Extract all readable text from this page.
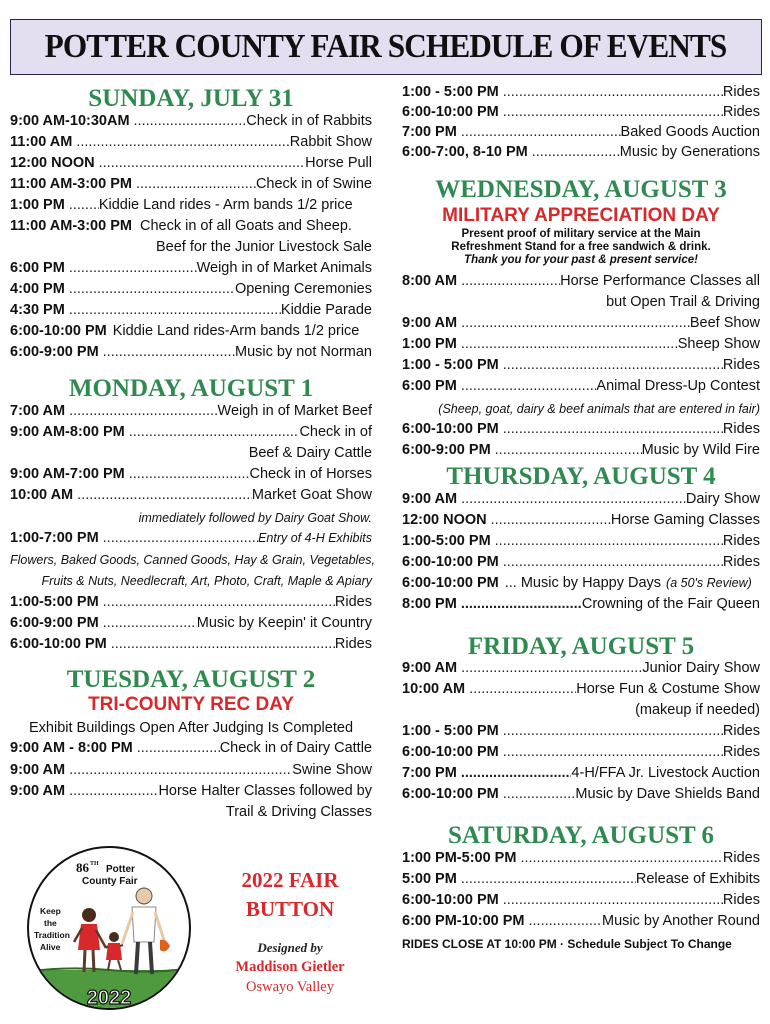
POTTER COUNTY FAIR SCHEDULE OF EVENTS
SUNDAY, JULY 31
9:00 AM-10:30AM .....	Check in of Rabbits
11:00 AM .....	Rabbit Show
12:00 NOON .....	Horse Pull
11:00 AM-3:00 PM .....	Check in of Swine
1:00 PM ..... Kiddie Land rides - Arm bands 1/2 price
11:00 AM-3:00 PM Check in of all Goats and Sheep.
Beef for the Junior Livestock Sale
6:00 PM .....	Weigh in of Market Animals
4:00 PM .....	Opening Ceremonies
4:30 PM .....	Kiddie Parade
6:00-10:00 PM Kiddie Land rides-Arm bands 1/2 price
6:00-9:00 PM .....	Music by not Norman
MONDAY, AUGUST 1
7:00 AM .....	Weigh in of Market Beef
9:00 AM-8:00 PM .....	Check in of
Beef & Dairy Cattle
9:00 AM-7:00 PM .....	Check in of Horses
10:00 AM .....	Market Goat Show
immediately followed by Dairy Goat Show.
1:00-7:00 PM .....	Entry of 4-H Exhibits
Flowers, Baked Goods, Canned Goods, Hay & Grain, Vegetables,
Fruits & Nuts, Needlecraft, Art, Photo, Craft, Maple & Apiary
1:00-5:00 PM .....	Rides
6:00-9:00 PM .....	Music by Keepin' it Country
6:00-10:00 PM .....	Rides
TUESDAY, AUGUST 2
TRI-COUNTY REC DAY
Exhibit Buildings Open After Judging Is Completed
9:00 AM - 8:00 PM .....	Check in of Dairy Cattle
9:00 AM .....	Swine Show
9:00 AM .....	Horse Halter Classes followed by
Trail & Driving Classes
86 TH Potter
County Fair
Keep
the
Tradition
Alive
2022
2022 FAIR
BUTTON
Designed by
Maddison Gietler
Oswayo Valley
1:00 - 5:00 PM .....	Rides
6:00-10:00 PM .....	Rides
7:00 PM .....	Baked Goods Auction
6:00-7:00, 8-10 PM .....	Music by Generations
WEDNESDAY, AUGUST 3
MILITARY APPRECIATION DAY
Present proof of military service at the Main
Refreshment Stand for a free sandwich & drink.
Thank you for your past & present service!
8:00 AM .....	Horse Performance Classes all
but Open Trail & Driving
9:00 AM .....	Beef Show
1:00 PM .....	Sheep Show
1:00 - 5:00 PM .....	Rides
6:00 PM .....	Animal Dress-Up Contest
(Sheep, goat, dairy & beef animals that are entered in fair)
6:00-10:00 PM .....	Rides
6:00-9:00 PM .....	Music by Wild Fire
THURSDAY, AUGUST 4
9:00 AM .....	Dairy Show
12:00 NOON .....	Horse Gaming Classes
1:00-5:00 PM .....	Rides
6:00-10:00 PM .....	Rides
6:00-10:00 PM ... Music by Happy Days (a 50's Review)
8:00 PM .....	Crowning of the Fair Queen
FRIDAY, AUGUST 5
9:00 AM .....	Junior Dairy Show
10:00 AM .....	Horse Fun & Costume Show
(makeup if needed)
1:00 - 5:00 PM .....	Rides
6:00-10:00 PM .....	Rides
7:00 PM .....	4-H/FFA Jr. Livestock Auction
6:00-10:00 PM .....	Music by Dave Shields Band
SATURDAY, AUGUST 6
1:00 PM-5:00 PM .....	Rides
5:00 PM .....	Release of Exhibits
6:00-10:00 PM .....	Rides
6:00 PM-10:00 PM .....	Music by Another Round
RIDES CLOSE AT 10:00 PM · Schedule Subject To Change
